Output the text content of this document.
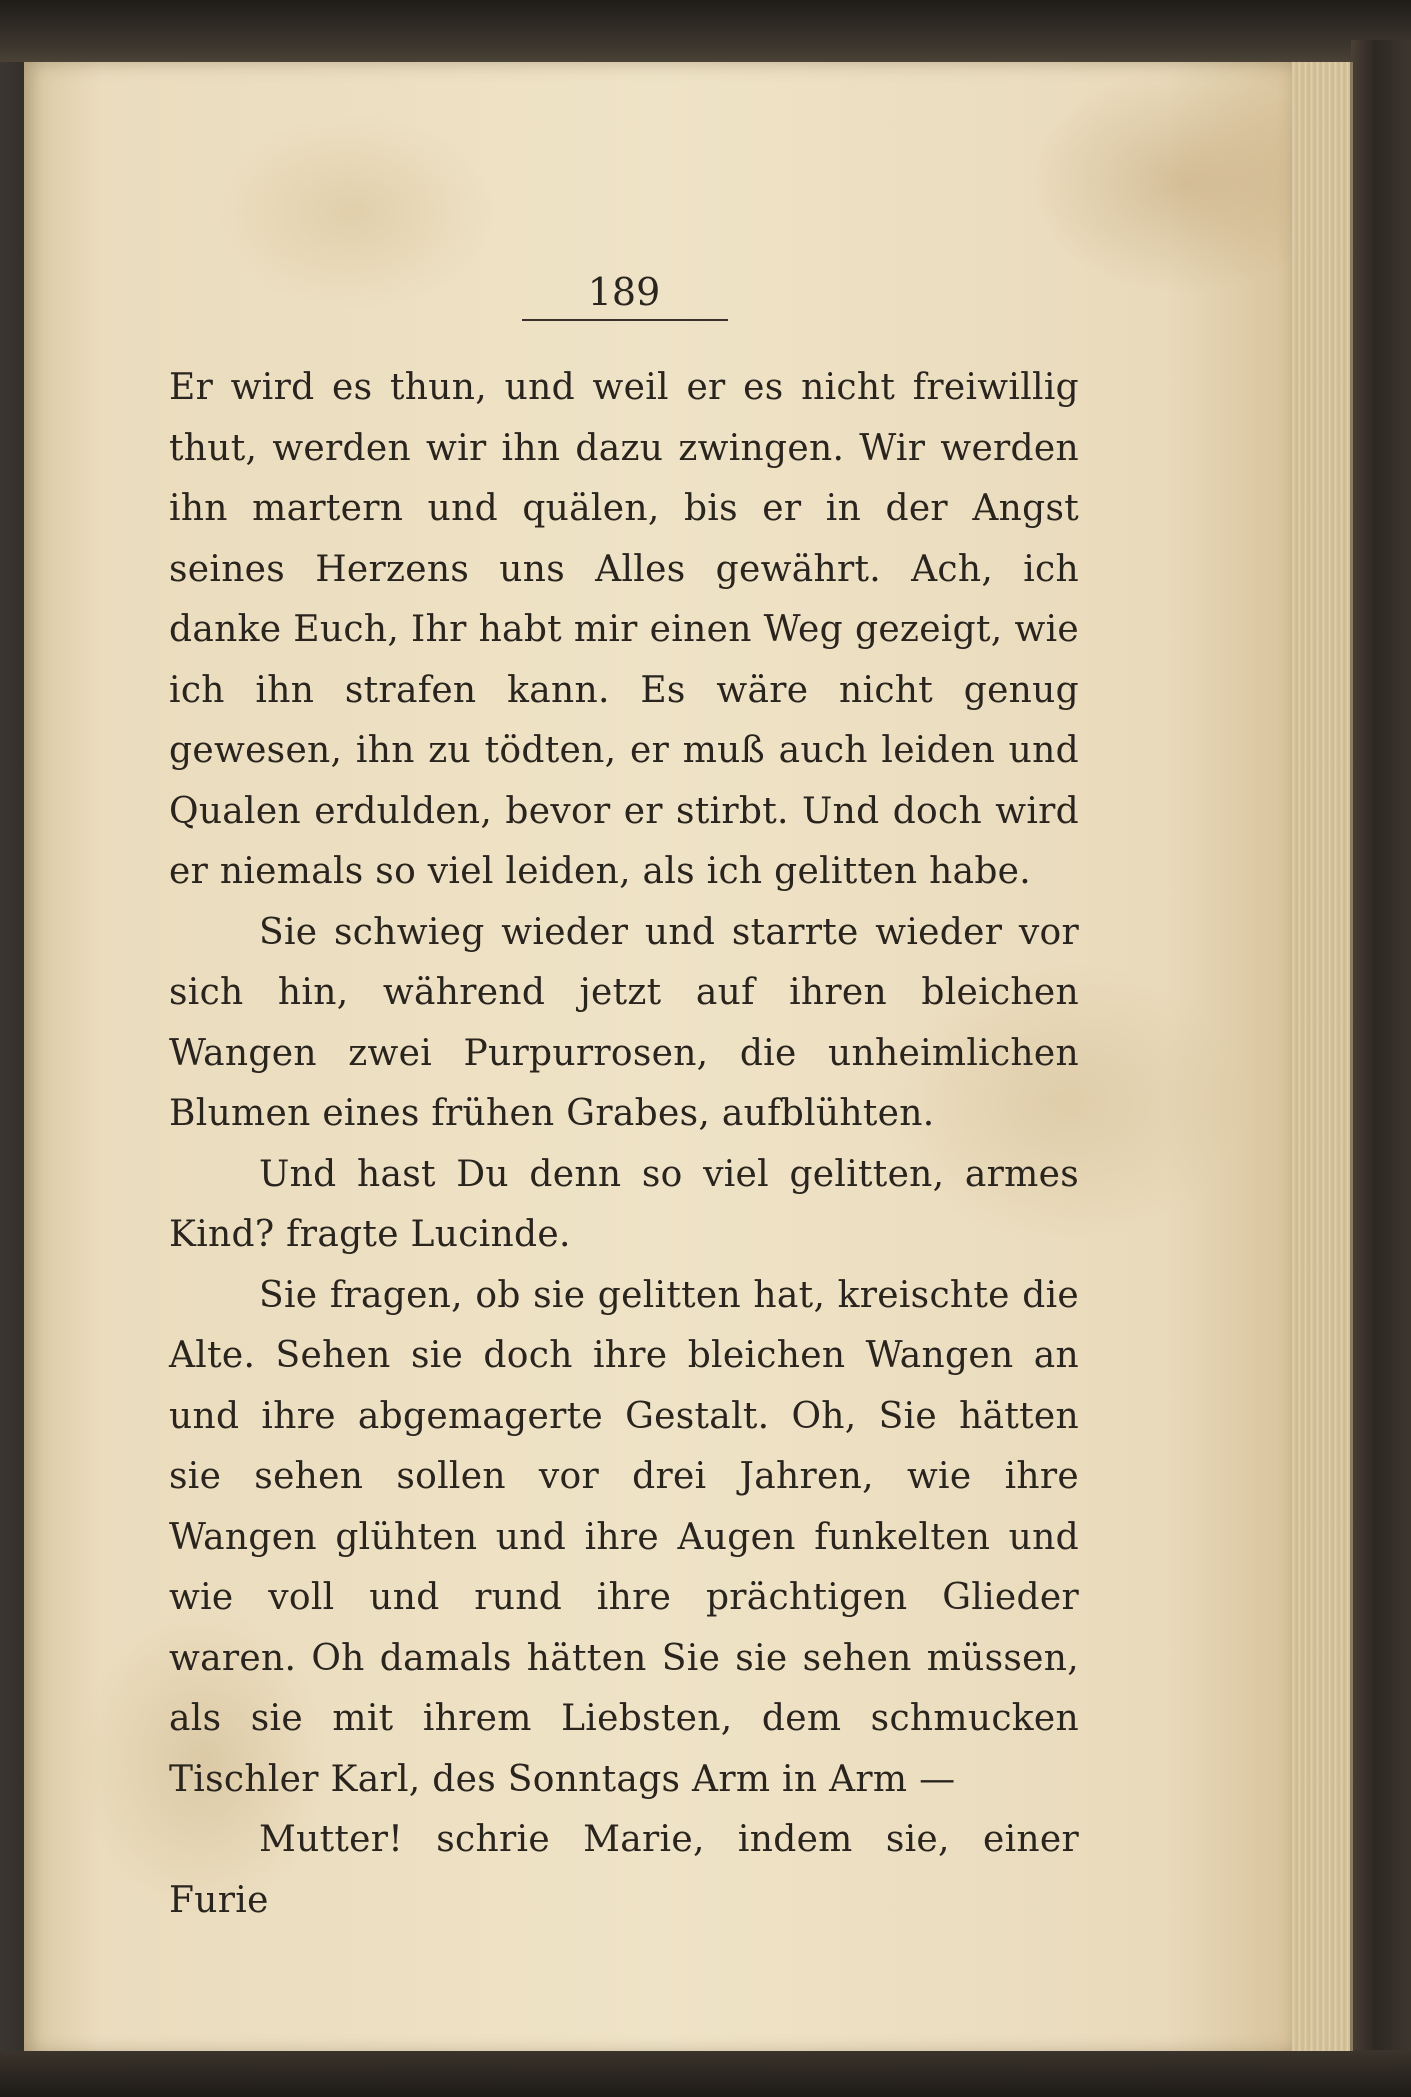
189

Er wird es thun, und weil er es nicht freiwillig thut, werden wir ihn dazu zwingen. Wir werden ihn martern und quälen, bis er in der Angst seines Herzens uns Alles gewährt. Ach, ich danke Euch, Ihr habt mir einen Weg gezeigt, wie ich ihn strafen kann. Es wäre nicht genug gewesen, ihn zu tödten, er muß auch leiden und Qualen erdulden, bevor er stirbt. Und doch wird er niemals so viel leiden, als ich gelitten habe.

Sie schwieg wieder und starrte wieder vor sich hin, während jetzt auf ihren bleichen Wangen zwei Purpurrosen, die unheimlichen Blumen eines frühen Grabes, aufblühten.

Und hast Du denn so viel gelitten, armes Kind? fragte Lucinde.

Sie fragen, ob sie gelitten hat, kreischte die Alte. Sehen sie doch ihre bleichen Wangen an und ihre abgemagerte Gestalt. Oh, Sie hätten sie sehen sollen vor drei Jahren, wie ihre Wangen glühten und ihre Augen funkelten und wie voll und rund ihre prächtigen Glieder waren. Oh damals hätten Sie sie sehen müssen, als sie mit ihrem Liebsten, dem schmucken Tischler Karl, des Sonntags Arm in Arm —

Mutter! schrie Marie, indem sie, einer Furie
